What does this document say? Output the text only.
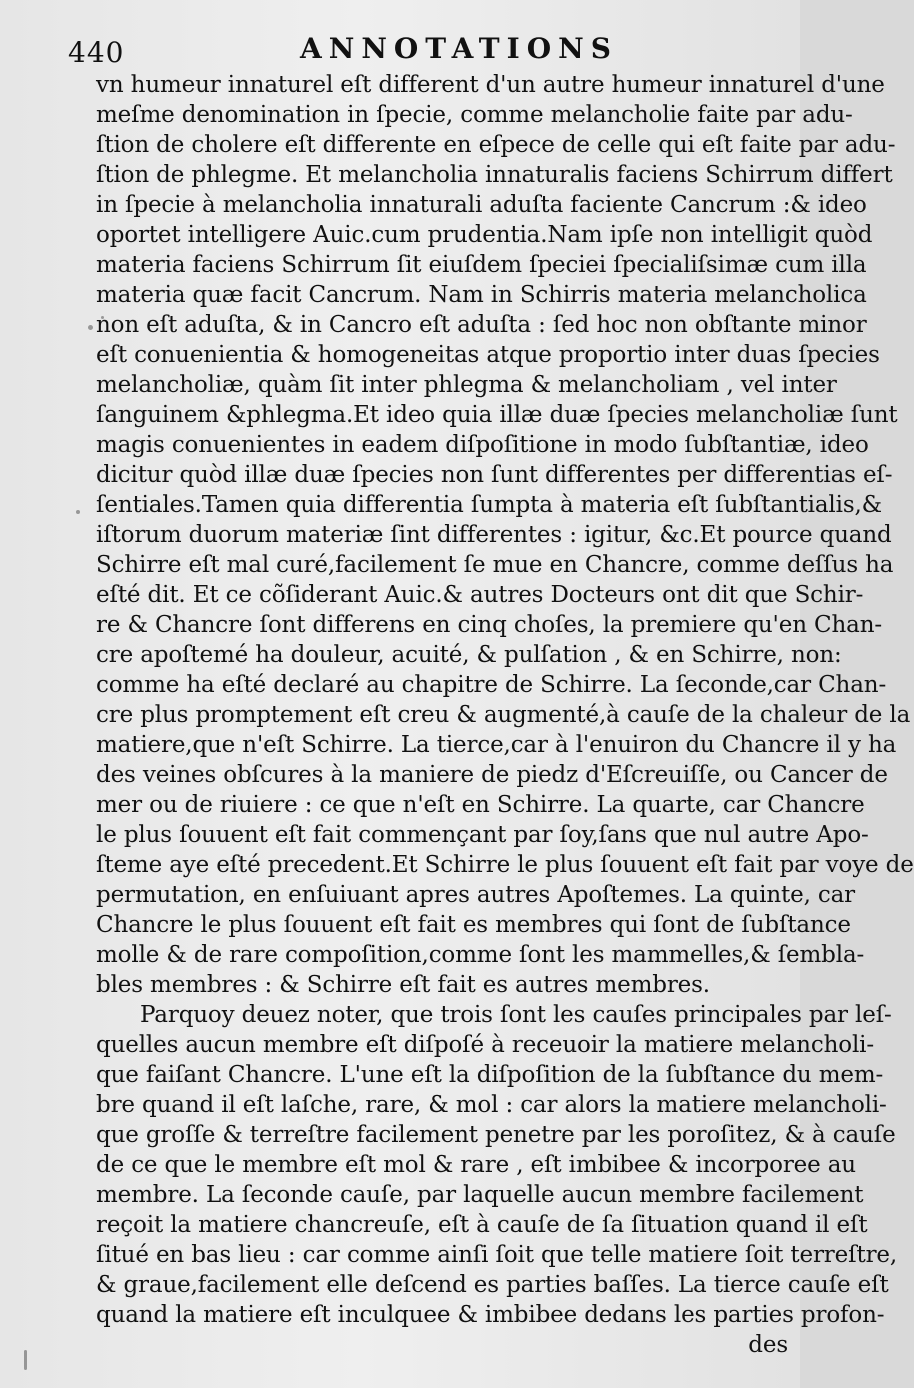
440	ANNOTATIONS
vn humeur innaturel eſt different d'un autre humeur innaturel d'une
meſme denomination in ſpecie, comme melancholie faite par adu-
ſtion de cholere eſt differente en eſpece de celle qui eſt faite par adu-
ſtion de phlegme. Et melancholia innaturalis faciens Schirrum differt
in ſpecie à melancholia innaturali aduſta faciente Cancrum :& ideo
oportet intelligere Auic.cum prudentia.Nam ipſe non intelligit quòd
materia faciens Schirrum ſit eiuſdem ſpeciei ſpecialiſsimæ cum illa
materia quæ facit Cancrum. Nam in Schirris materia melancholica
non eſt aduſta, & in Cancro eſt aduſta : ſed hoc non obſtante minor
eſt conuenientia & homogeneitas atque proportio inter duas ſpecies
melancholiæ, quàm ſit inter phlegma & melancholiam , vel inter
ſanguinem &phlegma.Et ideo quia illæ duæ ſpecies melancholiæ ſunt
magis conuenientes in eadem diſpoſitione in modo ſubſtantiæ, ideo
dicitur quòd illæ duæ ſpecies non ſunt differentes per differentias eſ-
ſentiales.Tamen quia differentia ſumpta à materia eſt ſubſtantialis,&
iſtorum duorum materiæ ſint differentes : igitur, &c.Et pource quand
Schirre eſt mal curé,facilement ſe mue en Chancre, comme deſſus ha
eſté dit. Et ce cõſiderant Auic.& autres Docteurs ont dit que Schir-
re & Chancre ſont differens en cinq choſes, la premiere qu'en Chan-
cre apoſtemé ha douleur, acuité, & pulſation , & en Schirre, non:
comme ha eſté declaré au chapitre de Schirre. La ſeconde,car Chan-
cre plus promptement eſt creu & augmenté,à cauſe de la chaleur de la
matiere,que n'eſt Schirre. La tierce,car à l'enuiron du Chancre il y ha
des veines obſcures à la maniere de piedz d'Eſcreuiſſe, ou Cancer de
mer ou de riuiere : ce que n'eſt en Schirre. La quarte, car Chancre
le plus ſouuent eſt fait commençant par ſoy,ſans que nul autre Apo-
ſteme aye eſté precedent.Et Schirre le plus ſouuent eſt fait par voye de
permutation, en enſuiuant apres autres Apoſtemes. La quinte, car
Chancre le plus ſouuent eſt fait es membres qui ſont de ſubſtance
molle & de rare compoſition,comme ſont les mammelles,& ſembla-
bles membres : & Schirre eſt fait es autres membres.
Parquoy deuez noter, que trois ſont les cauſes principales par leſ-
quelles aucun membre eſt diſpoſé à receuoir la matiere melancholi-
que faiſant Chancre. L'une eſt la diſpoſition de la ſubſtance du mem-
bre quand il eſt laſche, rare, & mol : car alors la matiere melancholi-
que groſſe & terreſtre facilement penetre par les poroſitez, & à cauſe
de ce que le membre eſt mol & rare , eſt imbibee & incorporee au
membre. La ſeconde cauſe, par laquelle aucun membre facilement
reçoit la matiere chancreuſe, eſt à cauſe de ſa ſituation quand il eſt
ſitué en bas lieu : car comme ainſi ſoit que telle matiere ſoit terreſtre,
& graue,facilement elle deſcend es parties baſſes. La tierce cauſe eſt
quand la matiere eſt inculquee & imbibee dedans les parties profon-
des
